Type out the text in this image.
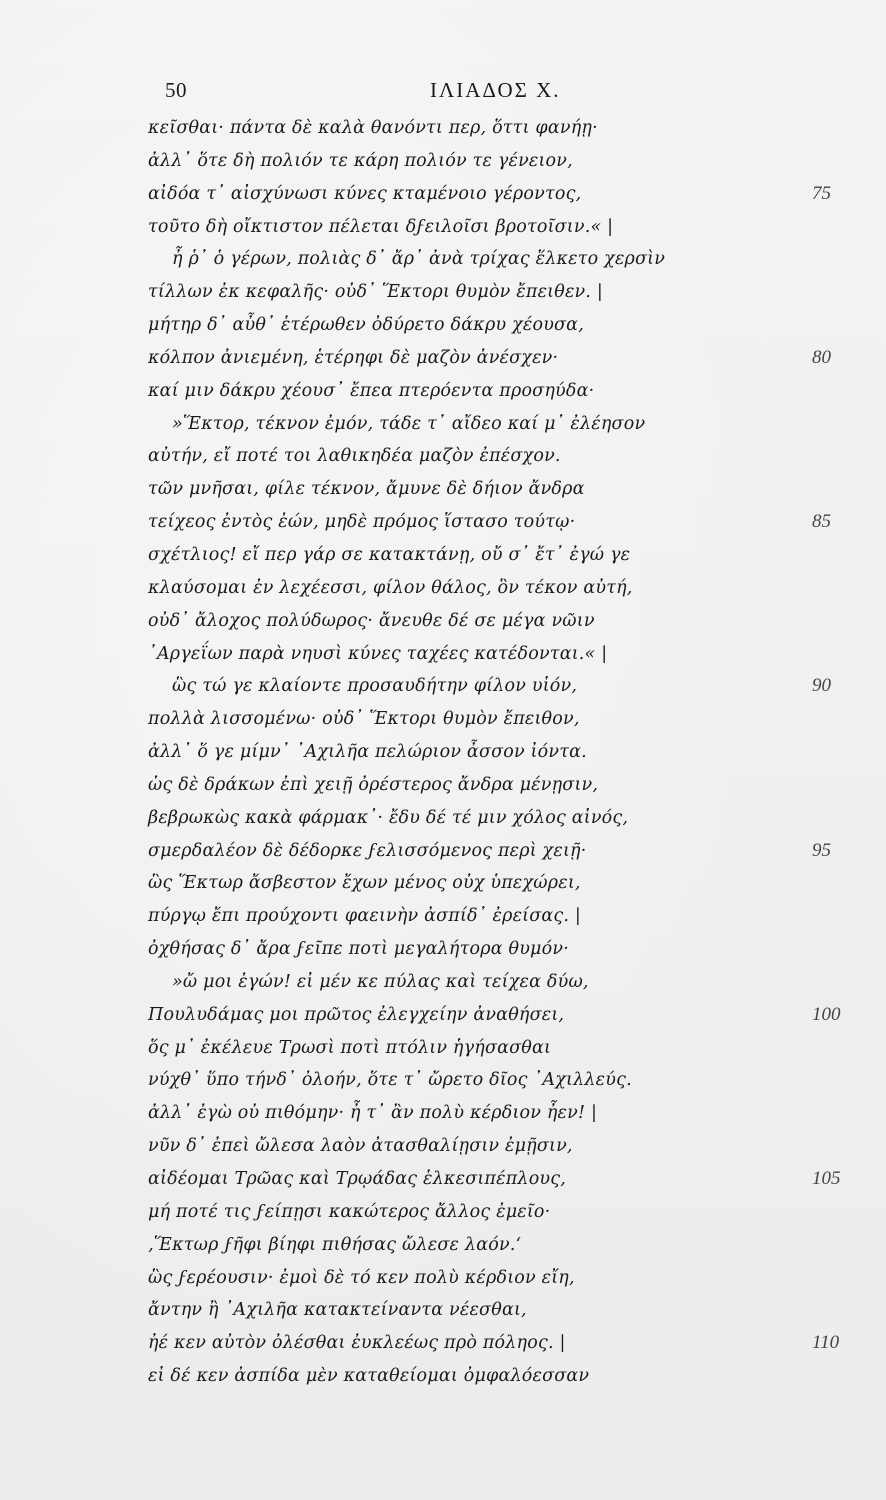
50	ΙΛΙΑΔΟΣ Χ.
κεῖσθαι· πάντα δὲ καλὰ θανόντι περ, ὅττι φανήῃ·
ἀλλ᾽ ὅτε δὴ πολιόν τε κάρη πολιόν τε γένειον,
αἰδόα τ᾽ αἰσχύνωσι κύνες κταμένοιο γέροντος,	75
τοῦτο δὴ οἴκτιστον πέλεται δϝειλοῖσι βροτοῖσιν.« |
ἦ ῥ᾽ ὁ γέρων, πολιὰς δ᾽ ἄρ᾽ ἀνὰ τρίχας ἕλκετο χερσὶν
τίλλων ἐκ κεφαλῆς· οὐδ᾽ Ἕκτορι θυμὸν ἔπειθεν. |
μήτηρ δ᾽ αὖθ᾽ ἑτέρωθεν ὀδύρετο δάκρυ χέουσα,
κόλπον ἀνιεμένη, ἑτέρηφι δὲ μαζὸν ἀνέσχεν·	80
καί μιν δάκρυ χέουσ᾽ ἔπεα πτερόεντα προσηύδα·
»Ἕκτορ, τέκνον ἐμόν, τάδε τ᾽ αἴδεο καί μ᾽ ἐλέησον
αὐτήν, εἴ ποτέ τοι λαθικηδέα μαζὸν ἐπέσχον.
τῶν μνῆσαι, φίλε τέκνον, ἄμυνε δὲ δήιον ἄνδρα
τείχεος ἐντὸς ἐών, μηδὲ πρόμος ἵστασο τούτῳ·	85
σχέτλιος! εἴ περ γάρ σε κατακτάνῃ, οὔ σ᾽ ἔτ᾽ ἐγώ γε
κλαύσομαι ἐν λεχέεσσι, φίλον θάλος, ὃν τέκον αὐτή,
οὐδ᾽ ἄλοχος πολύδωρος· ἄνευθε δέ σε μέγα νῶιν
᾽Αργεΐων παρὰ νηυσὶ κύνες ταχέες κατέδονται.« |
ὣς τώ γε κλαίοντε προσαυδήτην φίλον υἱόν,	90
πολλὰ λισσομένω· οὐδ᾽ Ἕκτορι θυμὸν ἔπειθον,
ἀλλ᾽ ὅ γε μίμν᾽ ᾽Αχιλῆα πελώριον ἆσσον ἰόντα.
ὡς δὲ δράκων ἐπὶ χειῇ ὀρέστερος ἄνδρα μένῃσιν,
βεβρωκὼς κακὰ φάρμακ᾽· ἔδυ δέ τέ μιν χόλος αἰνός,
σμερδαλέον δὲ δέδορκε ϝελισσόμενος περὶ χειῇ·	95
ὣς Ἕκτωρ ἄσβεστον ἔχων μένος οὐχ ὑπεχώρει,
πύργῳ ἔπι προύχοντι φαεινὴν ἀσπίδ᾽ ἐρείσας. |
ὀχθήσας δ᾽ ἄρα ϝεῖπε ποτὶ μεγαλήτορα θυμόν·
»ὤ μοι ἐγών! εἰ μέν κε πύλας καὶ τείχεα δύω,
Πουλυδάμας μοι πρῶτος ἐλεγχείην ἀναθήσει,	100
ὅς μ᾽ ἐκέλευε Τρωσὶ ποτὶ πτόλιν ἡγήσασθαι
νύχθ᾽ ὕπο τήνδ᾽ ὀλοήν, ὅτε τ᾽ ὤρετο δῖος ᾽Αχιλλεύς.
ἀλλ᾽ ἐγὼ οὐ πιθόμην· ἦ τ᾽ ἂν πολὺ κέρδιον ἦεν! |
νῦν δ᾽ ἐπεὶ ὤλεσα λαὸν ἀτασθαλίῃσιν ἐμῇσιν,
αἰδέομαι Τρῶας καὶ Τρῳάδας ἑλκεσιπέπλους,	105
μή ποτέ τις ϝείπῃσι κακώτερος ἄλλος ἐμεῖο·
‚Ἕκτωρ ϝῆφι βίηφι πιθήσας ὤλεσε λαόν.‘
ὣς ϝερέουσιν· ἐμοὶ δὲ τό κεν πολὺ κέρδιον εἴη,
ἄντην ἢ ᾽Αχιλῆα κατακτείναντα νέεσθαι,
ἠέ κεν αὐτὸν ὀλέσθαι ἐυκλεέως πρὸ πόληος. |	110
εἰ δέ κεν ἀσπίδα μὲν καταθείομαι ὀμφαλόεσσαν
